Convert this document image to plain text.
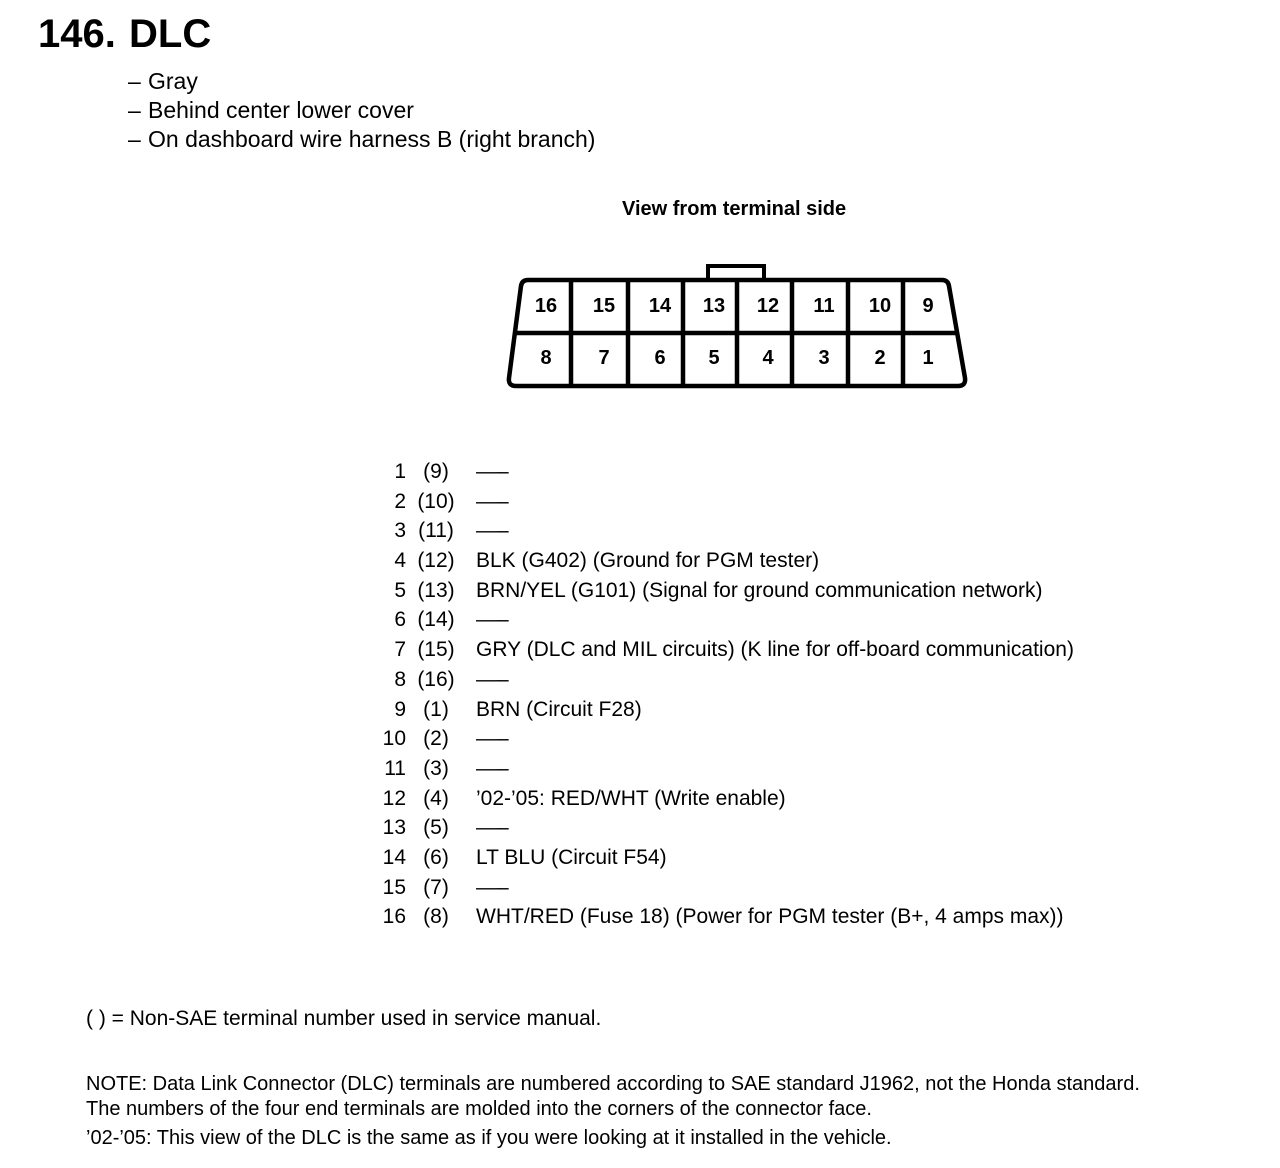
146. DLC
– Gray
– Behind center lower cover
– On dashboard wire harness B (right branch)
View from terminal side
16 15 14 13 12 11 10 9
8 7 6 5 4 3 2 1
1 (9)	—–
2 (10) —–
3 (11) —–
4 (12) BLK (G402) (Ground for PGM tester)
5 (13) BRN/YEL (G101) (Signal for ground communication network)
6 (14) —–
7 (15) GRY (DLC and MIL circuits) (K line for off-board communication)
8 (16) —–
9 (1)	BRN (Circuit F28)
10 (2)	—–
11 (3)	—–
12 (4)	’02-’05: RED/WHT (Write enable)
13 (5)	—–
14 (6)	LT BLU (Circuit F54)
15 (7)	—–
16 (8)	WHT/RED (Fuse 18) (Power for PGM tester (B+, 4 amps max))
( ) = Non-SAE terminal number used in service manual.
NOTE: Data Link Connector (DLC) terminals are numbered according to SAE standard J1962, not the Honda standard.
The numbers of the four end terminals are molded into the corners of the connector face.
’02-’05: This view of the DLC is the same as if you were looking at it installed in the vehicle.
